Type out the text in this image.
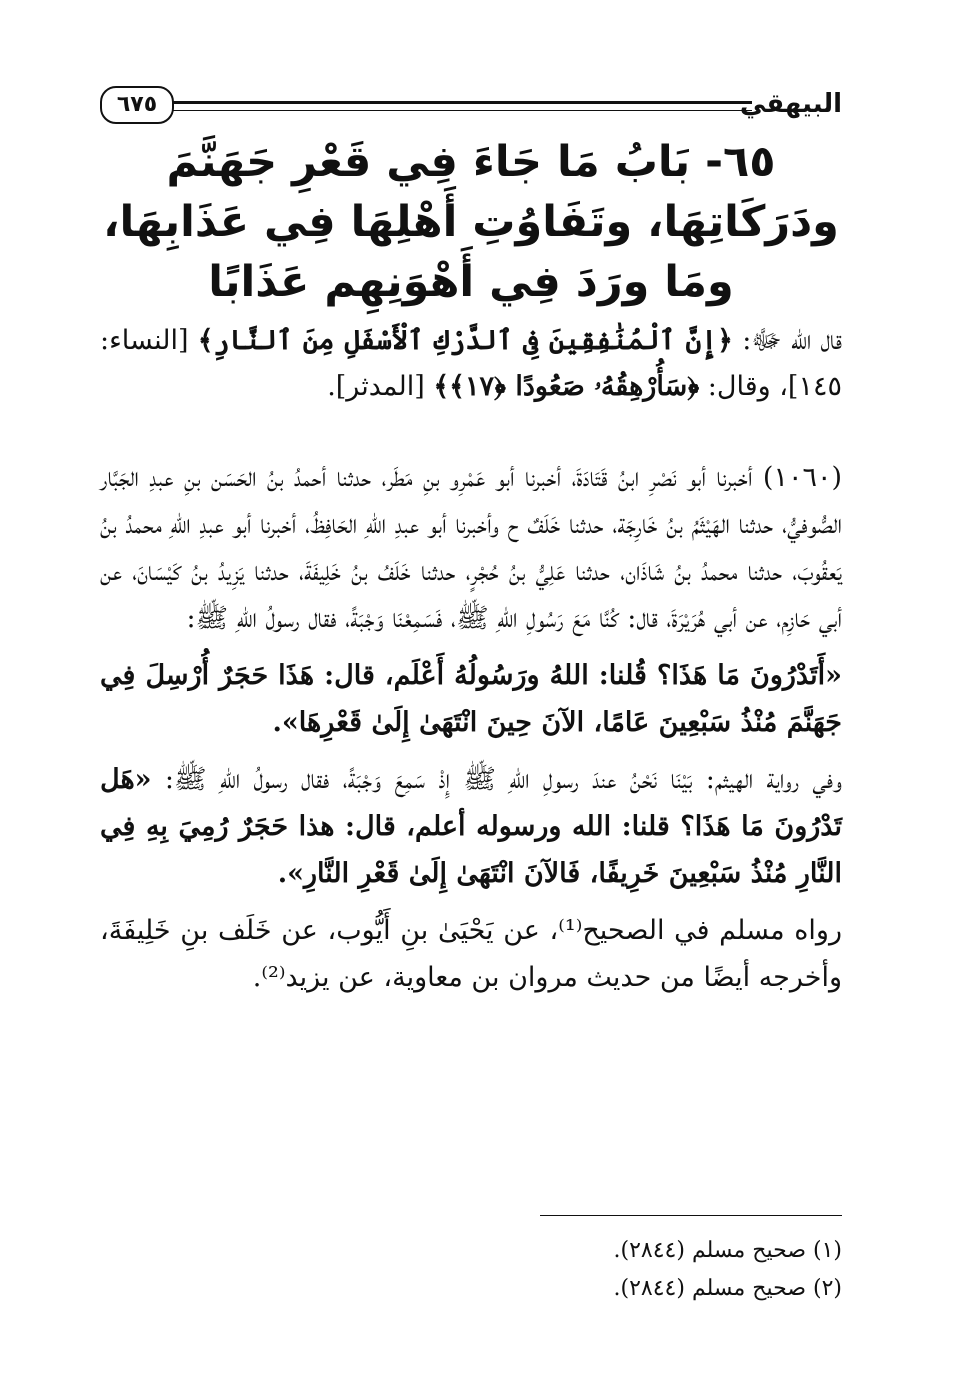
٦٧٥	البيهقي
٦٥- بَابُ مَا جَاءَ فِي قَعْرِ جَهَنَّمَ ودَرَكَاتِهَا، وتَفَاوُتِ أَهْلِهَا فِي عَذَابِهَا، ومَا ورَدَ فِي أَهْوَنِهِم عَذَابًا
قال الله ﷻ: ﴿إِنَّ ٱلْمُنَٰفِقِينَ فِى ٱلدَّرْكِ ٱلْأَسْفَلِ مِنَ ٱلنَّارِ﴾ [النساء: ١٤٥]، وقال: ﴿سَأُرْهِقُهُۥ صَعُودًا ﴿١٧﴾﴾ [المدثر].

(١٠٦٠) أخبرنا أبو نَصْرِ ابنُ قَتَادَةَ، أخبرنا أبو عَمْرِو بنِ مَطَر، حدثنا أحمدُ بنُ الحَسَن بنِ عبدِ الجَبَّار الصُّوفيُّ، حدثنا الهَيْثَمُ بنُ خَارِجَة، حدثنا خَلَفٌ ح وأخبرنا أبو عبدِ اللهِ الحَافِظُ، أخبرنا أبو عبدِ اللهِ محمدُ بنُ يَعقُوبَ، حدثنا محمدُ بنُ شَاذَان، حدثنا عَلِيُّ بنُ حُجْرٍ، حدثنا خَلَفُ بنُ خَلِيفَةَ، حدثنا يَزِيدُ بنُ كَيْسَانَ، عن أبي حَازِم، عن أبي هُرَيْرَةَ، قال: كُنَّا مَعَ رَسُولِ اللهِ ﷺ، فَسَمِعْنَا وَجْبَةً، فقال رسولُ اللهِ ﷺ:

«أَتَدْرُونَ مَا هَذَا؟ قُلنا: اللهُ ورَسُولُهُ أَعْلَم، قال: هَذَا حَجَرٌ أُرْسِلَ فِي جَهَنَّمَ مُنْذُ سَبْعِينَ عَامًا، الآنَ حِينَ انْتَهَىٰ إِلَىٰ قَعْرِهَا».

وفي رواية الهيثم: بَيْنَا نَحْنُ عندَ رسولِ اللهِ ﷺ إِذْ سَمِعَ وَجْبَةً، فقال رسولُ اللهِ ﷺ: «هَل تَدْرُونَ مَا هَذَا؟ قلنا: الله ورسوله أعلم، قال: هذا حَجَرٌ رُمِيَ بِهِ فِي النَّارِ مُنْذُ سَبْعِينَ خَرِيفًا، فَالآنَ انْتَهَىٰ إِلَىٰ قَعْرِ النَّارِ».

رواه مسلم في الصحيح⁽¹⁾، عن يَحْيَىٰ بنِ أَيُّوب، عن خَلَف بنِ خَلِيفَةَ، وأخرجه أيضًا من حديث مروان بن معاوية، عن يزيد⁽²⁾.

(١) صحيح مسلم (٢٨٤٤).
(٢) صحيح مسلم (٢٨٤٤).
